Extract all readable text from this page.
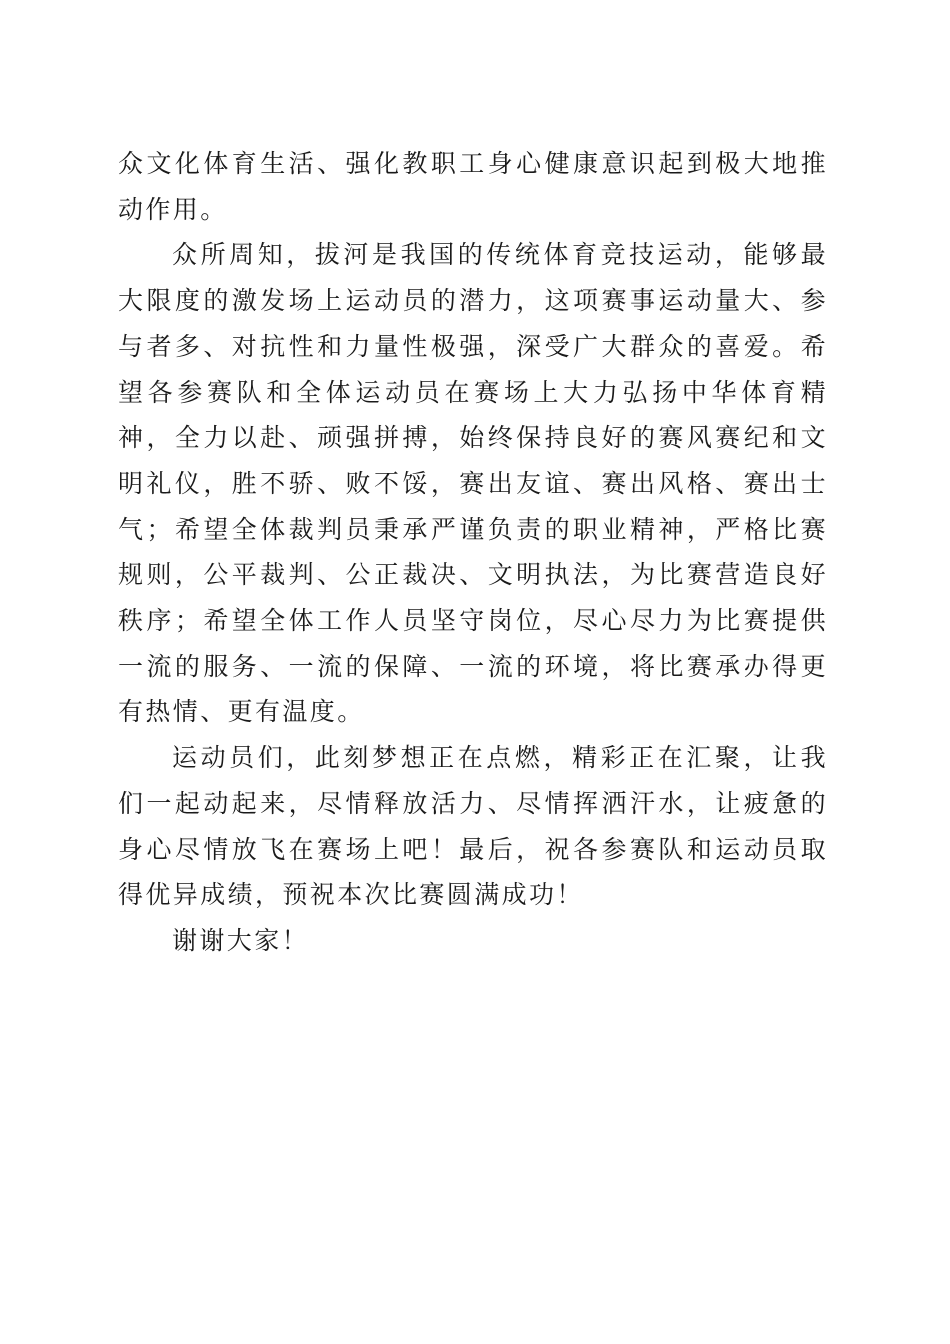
众文化体育生活、强化教职工身心健康意识起到极大地推动作用。

众所周知，拔河是我国的传统体育竞技运动，能够最大限度的激发场上运动员的潜力，这项赛事运动量大、参与者多、对抗性和力量性极强，深受广大群众的喜爱。希望各参赛队和全体运动员在赛场上大力弘扬中华体育精神，全力以赴、顽强拼搏，始终保持良好的赛风赛纪和文明礼仪，胜不骄、败不馁，赛出友谊、赛出风格、赛出士气；希望全体裁判员秉承严谨负责的职业精神，严格比赛规则，公平裁判、公正裁决、文明执法，为比赛营造良好秩序；希望全体工作人员坚守岗位，尽心尽力为比赛提供一流的服务、一流的保障、一流的环境，将比赛承办得更有热情、更有温度。

运动员们，此刻梦想正在点燃，精彩正在汇聚，让我们一起动起来，尽情释放活力、尽情挥洒汗水，让疲惫的身心尽情放飞在赛场上吧！最后，祝各参赛队和运动员取得优异成绩，预祝本次比赛圆满成功！

谢谢大家！
